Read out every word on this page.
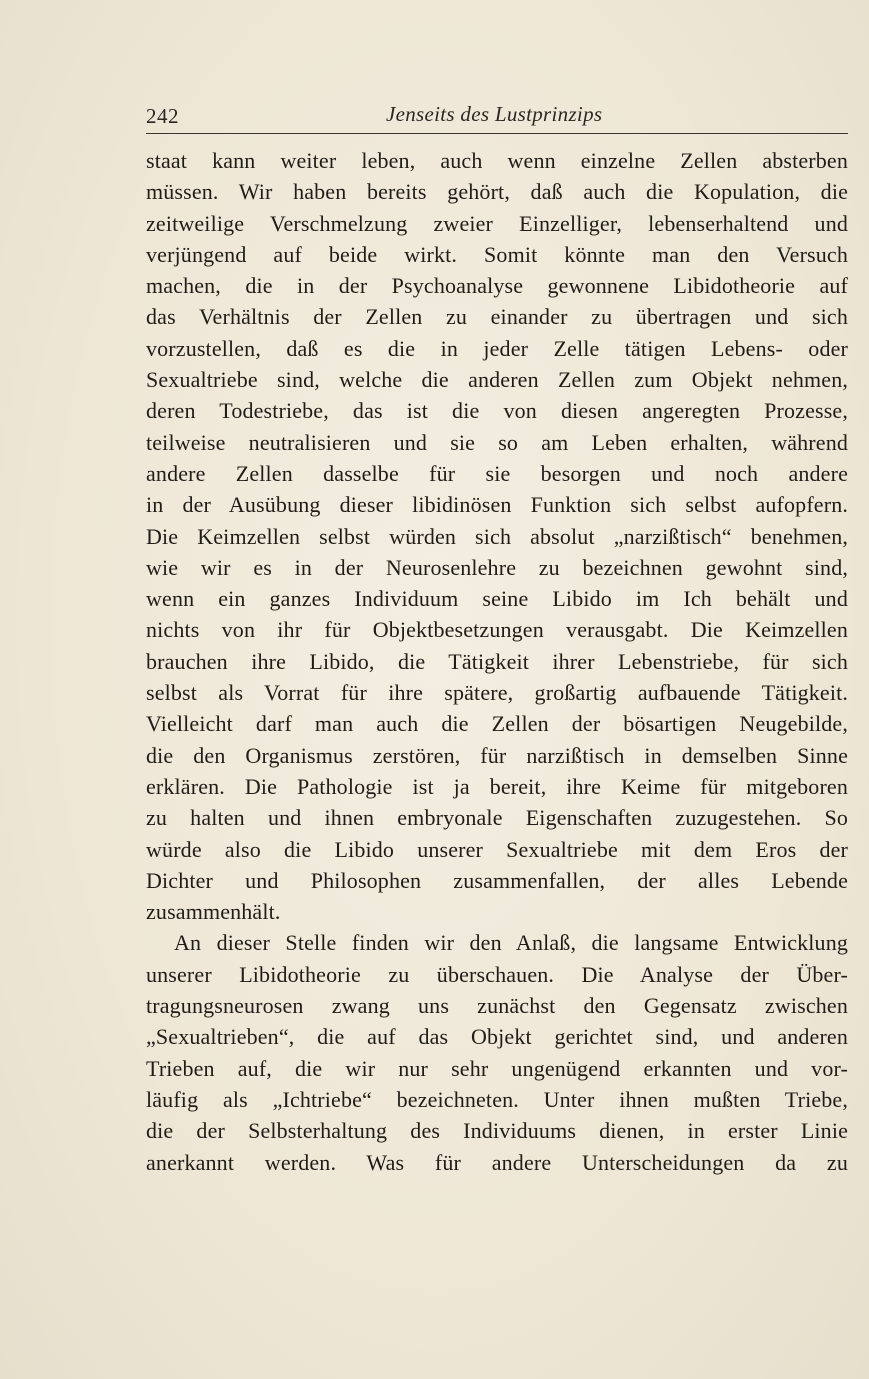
242	Jenseits des Lustprinzips
staat kann weiter leben, auch wenn einzelne Zellen absterben
müssen. Wir haben bereits gehört, daß auch die Kopulation, die
zeitweilige Verschmelzung zweier Einzelliger, lebenserhaltend und
verjüngend auf beide wirkt. Somit könnte man den Versuch
machen, die in der Psychoanalyse gewonnene Libidotheorie auf
das Verhältnis der Zellen zu einander zu übertragen und sich
vorzustellen, daß es die in jeder Zelle tätigen Lebens- oder
Sexualtriebe sind, welche die anderen Zellen zum Objekt nehmen,
deren Todestriebe, das ist die von diesen angeregten Prozesse,
teilweise neutralisieren und sie so am Leben erhalten, während
andere Zellen dasselbe für sie besorgen und noch andere
in der Ausübung dieser libidinösen Funktion sich selbst aufopfern.
Die Keimzellen selbst würden sich absolut „narzißtisch“ benehmen,
wie wir es in der Neurosenlehre zu bezeichnen gewohnt sind,
wenn ein ganzes Individuum seine Libido im Ich behält und
nichts von ihr für Objektbesetzungen verausgabt. Die Keimzellen
brauchen ihre Libido, die Tätigkeit ihrer Lebenstriebe, für sich
selbst als Vorrat für ihre spätere, großartig aufbauende Tätigkeit.
Vielleicht darf man auch die Zellen der bösartigen Neugebilde,
die den Organismus zerstören, für narzißtisch in demselben Sinne
erklären. Die Pathologie ist ja bereit, ihre Keime für mitgeboren
zu halten und ihnen embryonale Eigenschaften zuzugestehen. So
würde also die Libido unserer Sexualtriebe mit dem Eros der
Dichter und Philosophen zusammenfallen, der alles Lebende
zusammenhält.
An dieser Stelle finden wir den Anlaß, die langsame Entwicklung
unserer Libidotheorie zu überschauen. Die Analyse der Über-
tragungsneurosen zwang uns zunächst den Gegensatz zwischen
„Sexualtrieben“, die auf das Objekt gerichtet sind, und anderen
Trieben auf, die wir nur sehr ungenügend erkannten und vor-
läufig als „Ichtriebe“ bezeichneten. Unter ihnen mußten Triebe,
die der Selbsterhaltung des Individuums dienen, in erster Linie
anerkannt werden. Was für andere Unterscheidungen da zu
